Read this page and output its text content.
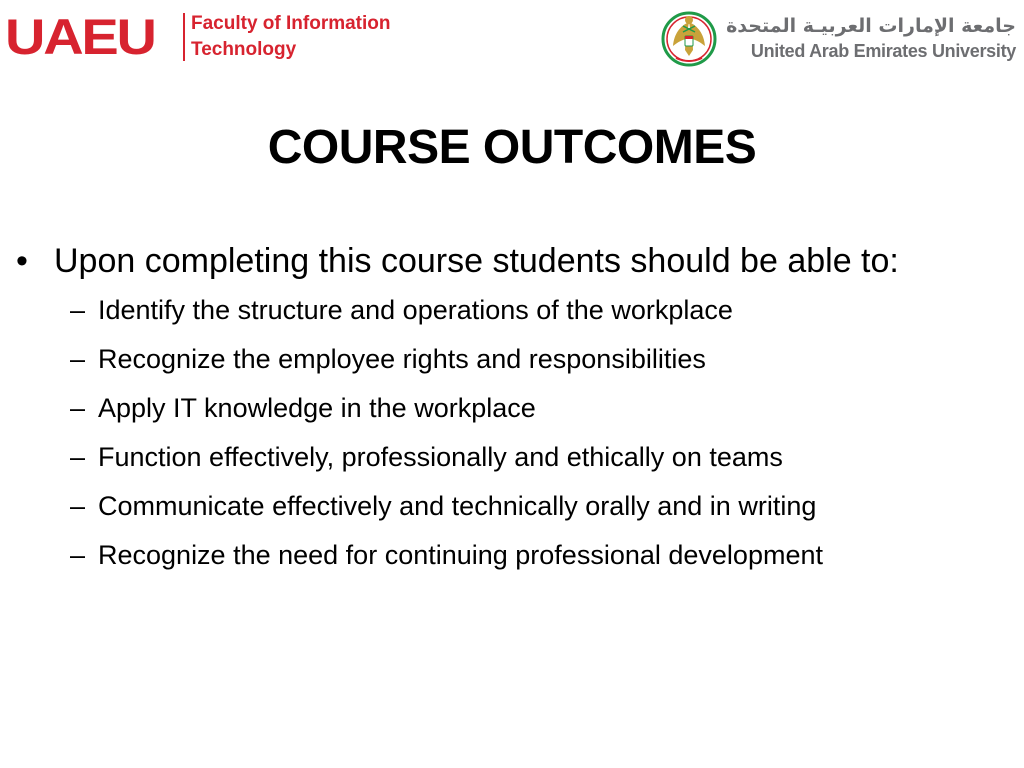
UAEU	Faculty of Information
Technology
جامعة الإمارات العربيـة المتحدة
United Arab Emirates University
COURSE OUTCOMES
• Upon completing this course students should be able to:
– Identify the structure and operations of the workplace
– Recognize the employee rights and responsibilities
– Apply IT knowledge in the workplace
– Function effectively, professionally and ethically on teams
– Communicate effectively and technically orally and in writing
– Recognize the need for continuing professional development
